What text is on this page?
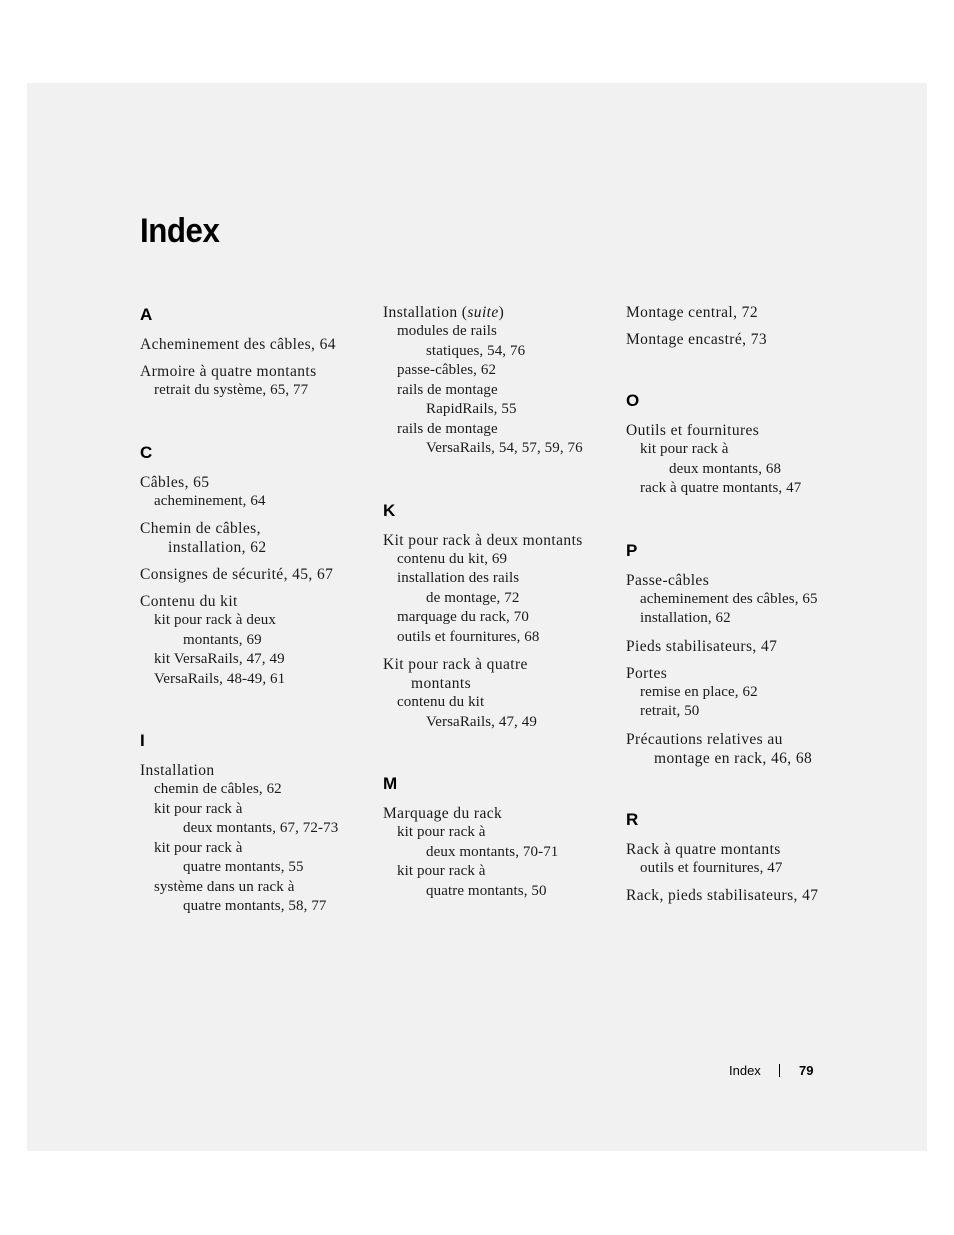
Index
A
Acheminement des câbles, 64
Armoire à quatre montants
retrait du système, 65, 77
C
Câbles, 65
acheminement, 64
Chemin de câbles,
installation, 62
Consignes de sécurité, 45, 67
Contenu du kit
kit pour rack à deux
montants, 69
kit VersaRails, 47, 49
VersaRails, 48-49, 61
I
Installation
chemin de câbles, 62
kit pour rack à
deux montants, 67, 72-73
kit pour rack à
quatre montants, 55
système dans un rack à
quatre montants, 58, 77
Installation (suite)
modules de rails
statiques, 54, 76
passe-câbles, 62
rails de montage
RapidRails, 55
rails de montage
VersaRails, 54, 57, 59, 76
K
Kit pour rack à deux montants
contenu du kit, 69
installation des rails
de montage, 72
marquage du rack, 70
outils et fournitures, 68
Kit pour rack à quatre
montants
contenu du kit
VersaRails, 47, 49
M
Marquage du rack
kit pour rack à
deux montants, 70-71
kit pour rack à
quatre montants, 50
Montage central, 72
Montage encastré, 73
O
Outils et fournitures
kit pour rack à
deux montants, 68
rack à quatre montants, 47
P
Passe-câbles
acheminement des câbles, 65
installation, 62
Pieds stabilisateurs, 47
Portes
remise en place, 62
retrait, 50
Précautions relatives au
montage en rack, 46, 68
R
Rack à quatre montants
outils et fournitures, 47
Rack, pieds stabilisateurs, 47
Index	79
